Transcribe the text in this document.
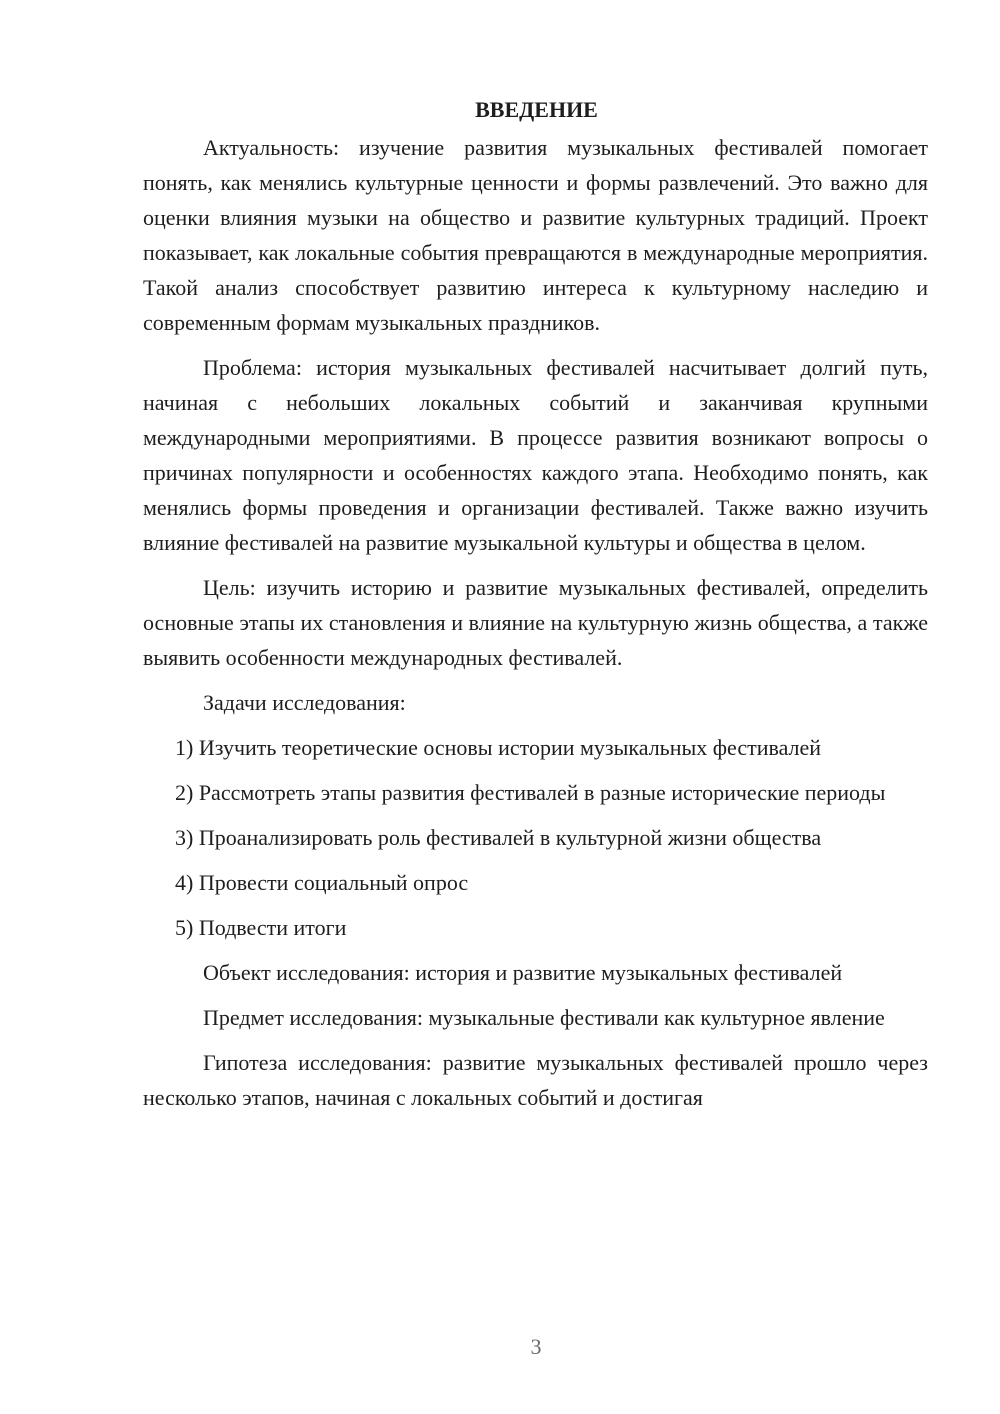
ВВЕДЕНИЕ

Актуальность: изучение развития музыкальных фестивалей помогает понять, как менялись культурные ценности и формы развлечений. Это важно для оценки влияния музыки на общество и развитие культурных традиций. Проект показывает, как локальные события превращаются в международные мероприятия. Такой анализ способствует развитию интереса к культурному наследию и современным формам музыкальных праздников.

Проблема: история музыкальных фестивалей насчитывает долгий путь, начиная с небольших локальных событий и заканчивая крупными международными мероприятиями. В процессе развития возникают вопросы о причинах популярности и особенностях каждого этапа. Необходимо понять, как менялись формы проведения и организации фестивалей. Также важно изучить влияние фестивалей на развитие музыкальной культуры и общества в целом.

Цель: изучить историю и развитие музыкальных фестивалей, определить основные этапы их становления и влияние на культурную жизнь общества, а также выявить особенности международных фестивалей.

Задачи исследования:

1) Изучить теоретические основы истории музыкальных фестивалей

2) Рассмотреть этапы развития фестивалей в разные исторические периоды

3) Проанализировать роль фестивалей в культурной жизни общества

4) Провести социальный опрос

5) Подвести итоги

Объект исследования: история и развитие музыкальных фестивалей

Предмет исследования: музыкальные фестивали как культурное явление

Гипотеза исследования: развитие музыкальных фестивалей прошло через несколько этапов, начиная с локальных событий и достигая

3
